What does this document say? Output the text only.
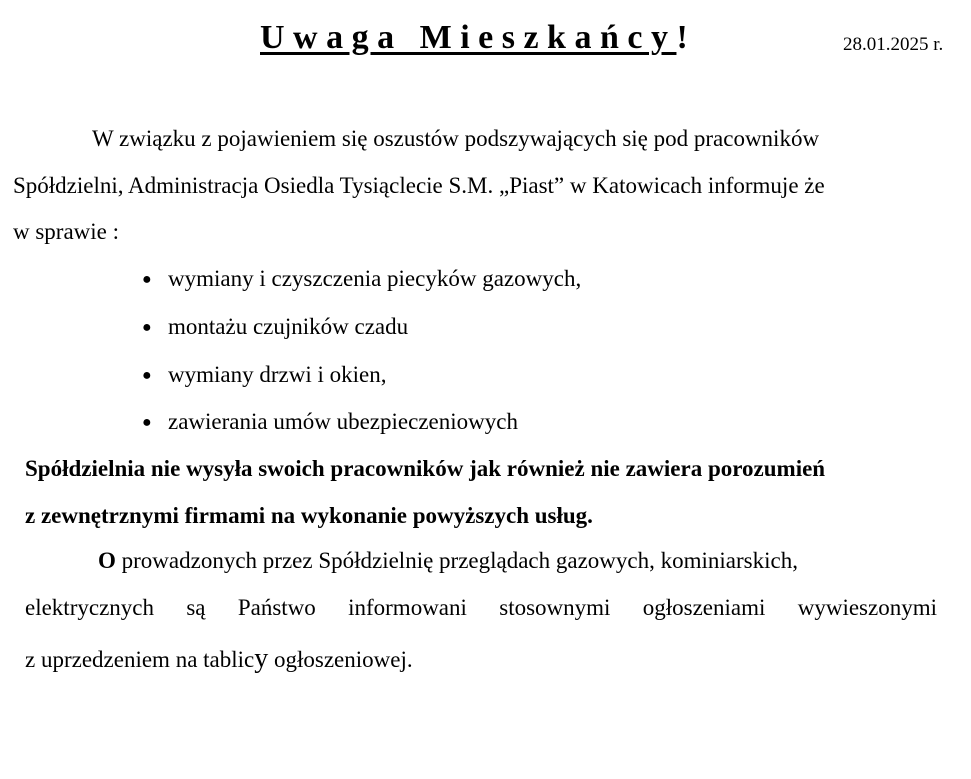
Uwaga Mieszkańcy!	28.01.2025 r.
W związku z pojawieniem się oszustów podszywających się pod pracowników
Spółdzielni, Administracja Osiedla Tysiąclecie S.M. „Piast” w Katowicach informuje że
w sprawie :
● wymiany i czyszczenia piecyków gazowych,
● montażu czujników czadu
● wymiany drzwi i okien,
● zawierania umów ubezpieczeniowych
Spółdzielnia nie wysyła swoich pracowników jak również nie zawiera porozumień
z zewnętrznymi firmami na wykonanie powyższych usług.
O prowadzonych przez Spółdzielnię przeglądach gazowych, kominiarskich,
elektrycznych są Państwo informowani stosownymi ogłoszeniami wywieszonymi
z uprzedzeniem na tablicy ogłoszeniowej.
